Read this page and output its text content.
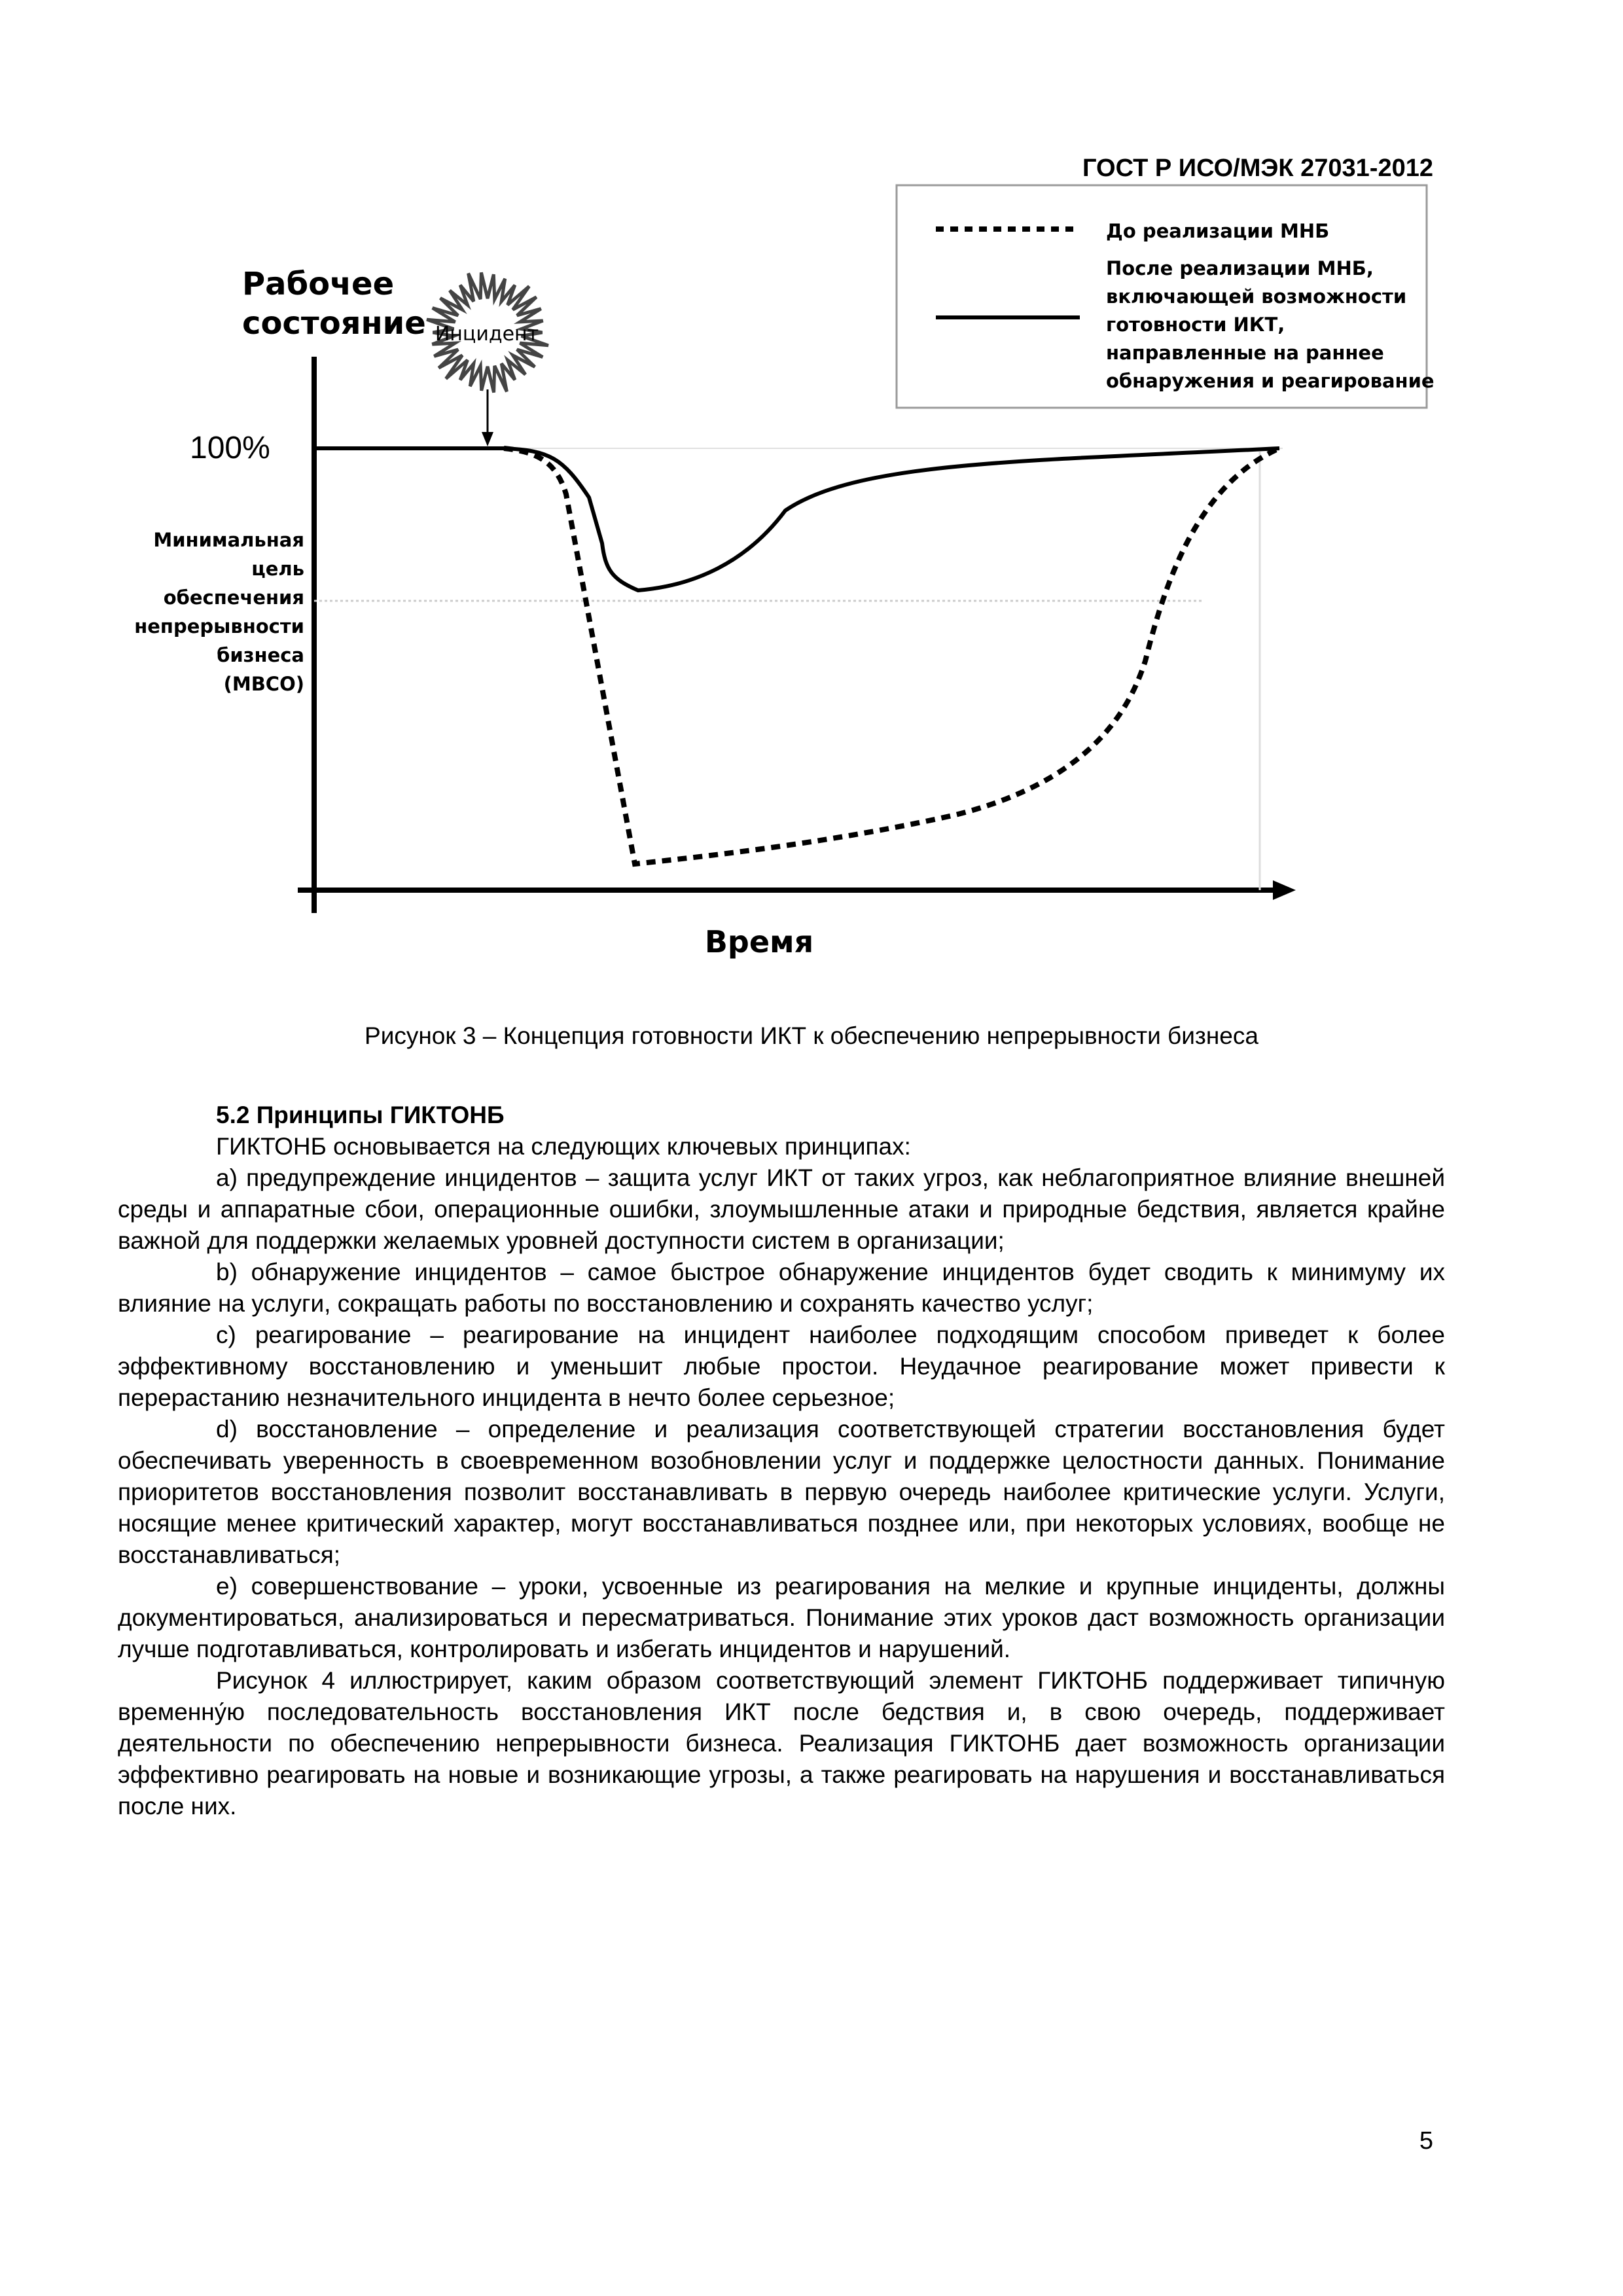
ГОСТ Р ИСО/МЭК 27031-2012
Рабочее
состояние
100%
Минимальная
цель
обеспечения
непрерывности
бизнеса
(МВСО)
Инцидент
Время
До реализации МНБ
После реализации МНБ,
включающей возможности
готовности ИКТ,
направленные на раннее
обнаружения и реагирование
Рисунок 3 – Концепция готовности ИКТ к обеспечению непрерывности бизнеса

5.2 Принципы ГИКТОНБ

ГИКТОНБ основывается на следующих ключевых принципах:

a) предупреждение инцидентов – защита услуг ИКТ от таких угроз, как неблагоприятное влияние внешней среды и аппаратные сбои, операционные ошибки, злоумышленные атаки и природные бедствия, является крайне важной для поддержки желаемых уровней доступности систем в организации;

b) обнаружение инцидентов – самое быстрое обнаружение инцидентов будет сводить к минимуму их влияние на услуги, сокращать работы по восстановлению и сохранять качество услуг;

c) реагирование – реагирование на инцидент наиболее подходящим способом приведет к более эффективному восстановлению и уменьшит любые простои. Неудачное реагирование может привести к перерастанию незначительного инцидента в нечто более серьезное;

d) восстановление – определение и реализация соответствующей стратегии восстановления будет обеспечивать уверенность в своевременном возобновлении услуг и поддержке целостности данных. Понимание приоритетов восстановления позволит восстанавливать в первую очередь наиболее критические услуги. Услуги, носящие менее критический характер, могут восстанавливаться позднее или, при некоторых условиях, вообще не восстанавливаться;

e) совершенствование – уроки, усвоенные из реагирования на мелкие и крупные инциденты, должны документироваться, анализироваться и пересматриваться. Понимание этих уроков даст возможность организации лучше подготавливаться, контролировать и избегать инцидентов и нарушений.

Рисунок 4 иллюстрирует, каким образом соответствующий элемент ГИКТОНБ поддерживает типичную временну́ю последовательность восстановления ИКТ после бедствия и, в свою очередь, поддерживает деятельности по обеспечению непрерывности бизнеса. Реализация ГИКТОНБ дает возможность организации эффективно реагировать на новые и возникающие угрозы, а также реагировать на нарушения и восстанавливаться после них.

5
